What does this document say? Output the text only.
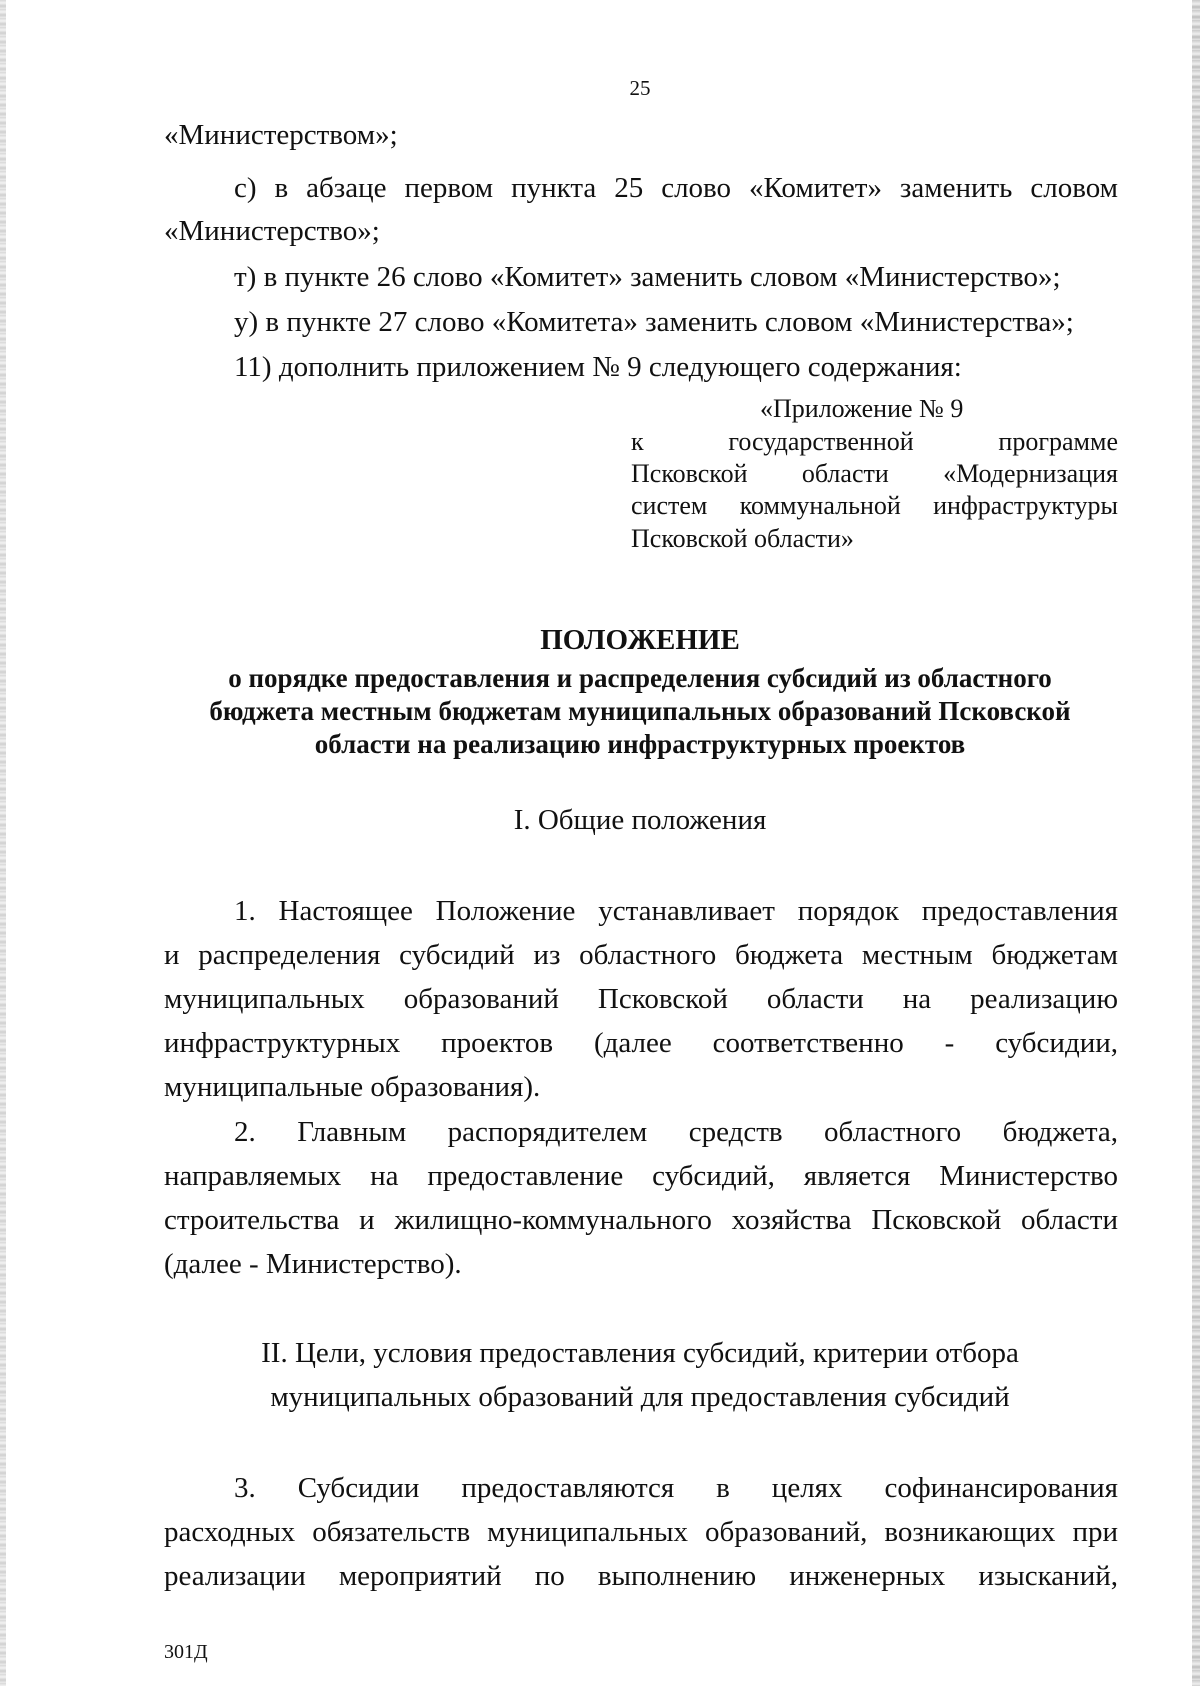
25
«Министерством»;
с) в абзаце первом пункта 25 слово «Комитет» заменить словом
«Министерство»;
т) в пункте 26 слово «Комитет» заменить словом «Министерство»;
у) в пункте 27 слово «Комитета» заменить словом «Министерства»;
11) дополнить приложением № 9 следующего содержания:
«Приложение № 9
к	государственной	программе
Псковской области «Модернизация
систем коммунальной инфраструктуры
Псковской области»
ПОЛОЖЕНИЕ
о порядке предоставления и распределения субсидий из областного
бюджета местным бюджетам муниципальных образований Псковской
области на реализацию инфраструктурных проектов
I. Общие положения
1. Настоящее Положение устанавливает порядок предоставления
и распределения субсидий из областного бюджета местным бюджетам
муниципальных образований Псковской области на реализацию
инфраструктурных проектов (далее соответственно - субсидии,
муниципальные образования).
2. Главным распорядителем средств областного бюджета,
направляемых на предоставление субсидий, является Министерство
строительства и жилищно-коммунального хозяйства Псковской области
(далее - Министерство).
II. Цели, условия предоставления субсидий, критерии отбора
муниципальных образований для предоставления субсидий
3. Субсидии предоставляются в целях софинансирования
расходных обязательств муниципальных образований, возникающих при
реализации мероприятий по выполнению инженерных изысканий,
301Д
